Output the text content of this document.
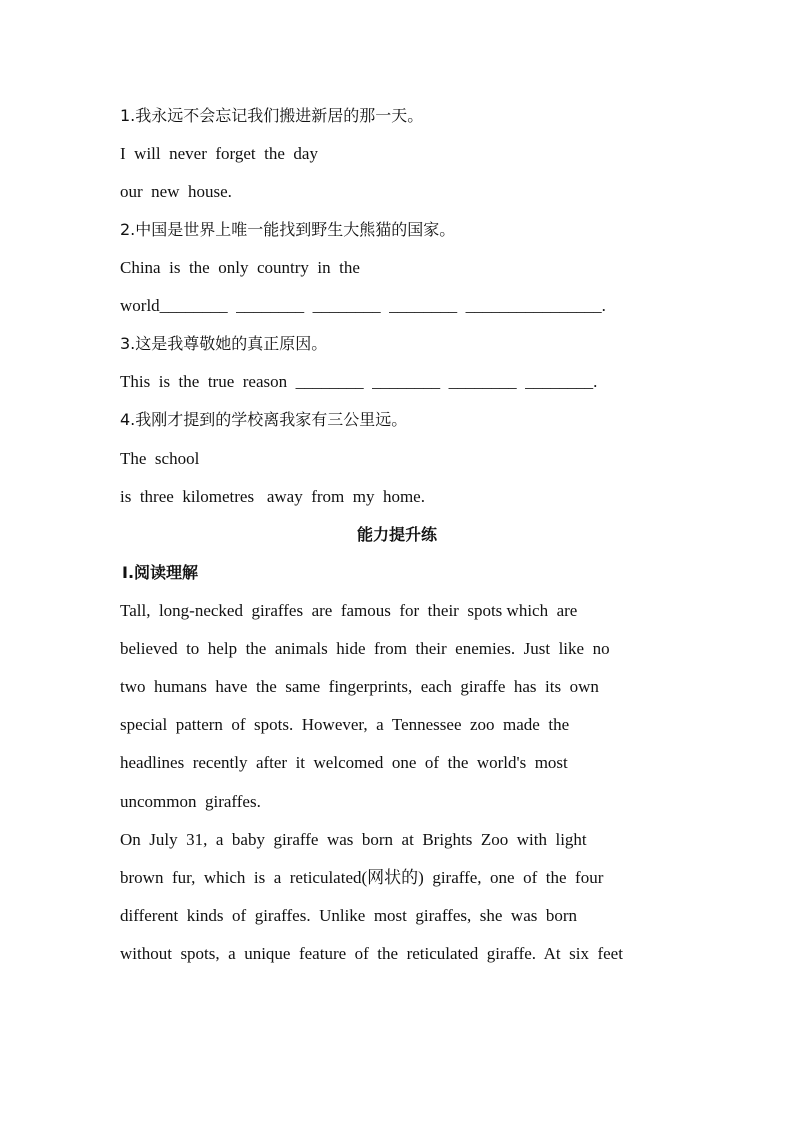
1.我永远不会忘记我们搬进新居的那一天。
I  will  never  forget  the  day
our  new  house.
2.中国是世界上唯一能找到野生大熊猫的国家。
China  is  the  only  country  in  the
world________  ________  ________  ________  ________________.
3.这是我尊敬她的真正原因。
This  is  the  true  reason  ________  ________  ________  ________.
4.我刚才提到的学校离我家有三公里远。
The  school
is  three  kilometres   away  from  my  home.
能力提升练
Ⅰ.阅读理解
Tall,  long-necked  giraffes  are  famous  for  their  spots which  are
believed  to  help  the  animals  hide  from  their  enemies.  Just  like  no
two  humans  have  the  same  fingerprints,  each  giraffe  has  its  own
special  pattern  of  spots.  However,  a  Tennessee  zoo  made  the
headlines  recently  after  it  welcomed  one  of  the  world's  most
uncommon  giraffes.
On  July  31,  a  baby  giraffe  was  born  at  Brights  Zoo  with  light
brown  fur,  which  is  a  reticulated(网状的)  giraffe,  one  of  the  four
different  kinds  of  giraffes.  Unlike  most  giraffes,  she  was  born
without  spots,  a  unique  feature  of  the  reticulated  giraffe.  At  six  feet
